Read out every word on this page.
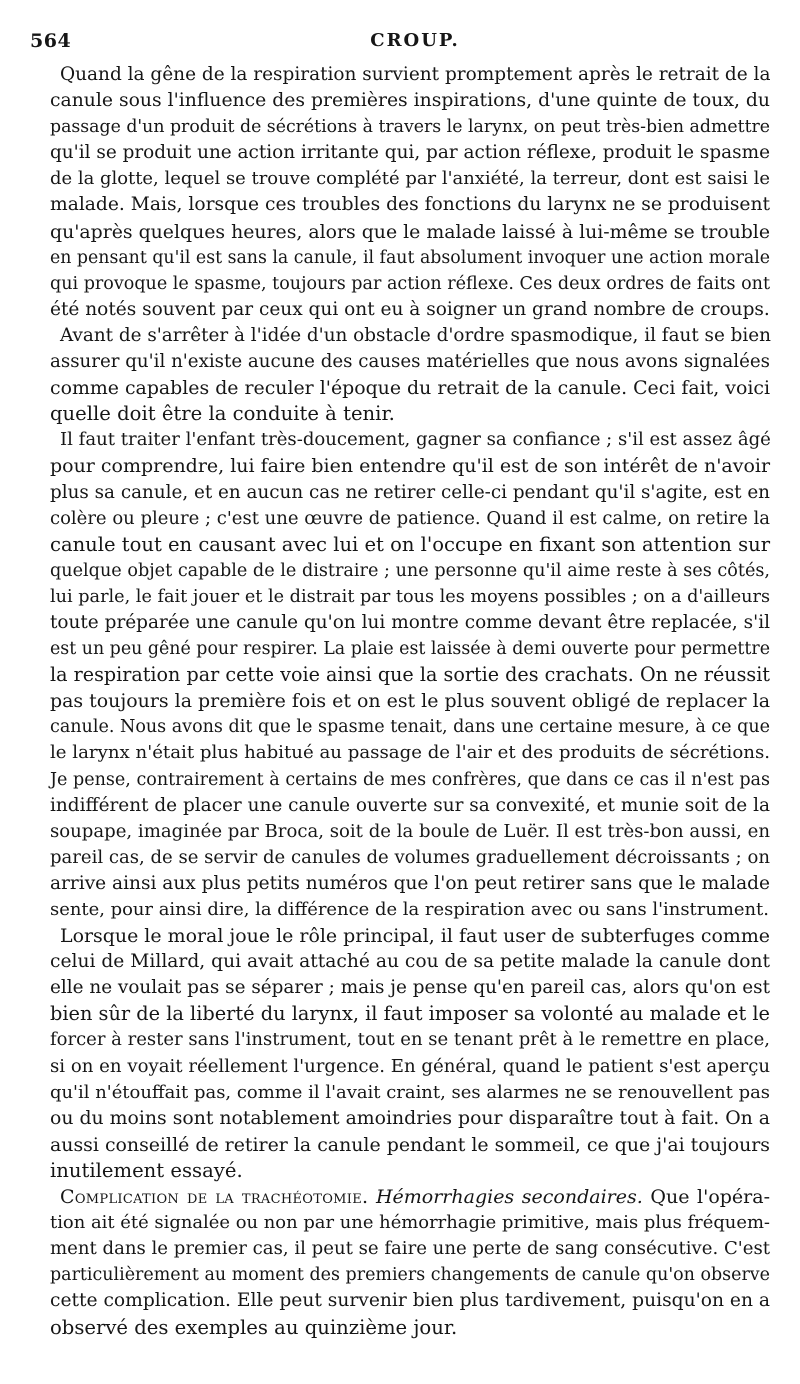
564	CROUP.
Quand la gêne de la respiration survient promptement après le retrait de la
canule sous l'influence des premières inspirations, d'une quinte de toux, du
passage d'un produit de sécrétions à travers le larynx, on peut très-bien admettre
qu'il se produit une action irritante qui, par action réflexe, produit le spasme
de la glotte, lequel se trouve complété par l'anxiété, la terreur, dont est saisi le
malade. Mais, lorsque ces troubles des fonctions du larynx ne se produisent
qu'après quelques heures, alors que le malade laissé à lui-même se trouble
en pensant qu'il est sans la canule, il faut absolument invoquer une action morale
qui provoque le spasme, toujours par action réflexe. Ces deux ordres de faits ont
été notés souvent par ceux qui ont eu à soigner un grand nombre de croups.
Avant de s'arrêter à l'idée d'un obstacle d'ordre spasmodique, il faut se bien
assurer qu'il n'existe aucune des causes matérielles que nous avons signalées
comme capables de reculer l'époque du retrait de la canule. Ceci fait, voici
quelle doit être la conduite à tenir.
Il faut traiter l'enfant très-doucement, gagner sa confiance ; s'il est assez âgé
pour comprendre, lui faire bien entendre qu'il est de son intérêt de n'avoir
plus sa canule, et en aucun cas ne retirer celle-ci pendant qu'il s'agite, est en
colère ou pleure ; c'est une œuvre de patience. Quand il est calme, on retire la
canule tout en causant avec lui et on l'occupe en fixant son attention sur
quelque objet capable de le distraire ; une personne qu'il aime reste à ses côtés,
lui parle, le fait jouer et le distrait par tous les moyens possibles ; on a d'ailleurs
toute préparée une canule qu'on lui montre comme devant être replacée, s'il
est un peu gêné pour respirer. La plaie est laissée à demi ouverte pour permettre
la respiration par cette voie ainsi que la sortie des crachats. On ne réussit
pas toujours la première fois et on est le plus souvent obligé de replacer la
canule. Nous avons dit que le spasme tenait, dans une certaine mesure, à ce que
le larynx n'était plus habitué au passage de l'air et des produits de sécrétions.
Je pense, contrairement à certains de mes confrères, que dans ce cas il n'est pas
indifférent de placer une canule ouverte sur sa convexité, et munie soit de la
soupape, imaginée par Broca, soit de la boule de Luër. Il est très-bon aussi, en
pareil cas, de se servir de canules de volumes graduellement décroissants ; on
arrive ainsi aux plus petits numéros que l'on peut retirer sans que le malade
sente, pour ainsi dire, la différence de la respiration avec ou sans l'instrument.
Lorsque le moral joue le rôle principal, il faut user de subterfuges comme
celui de Millard, qui avait attaché au cou de sa petite malade la canule dont
elle ne voulait pas se séparer ; mais je pense qu'en pareil cas, alors qu'on est
bien sûr de la liberté du larynx, il faut imposer sa volonté au malade et le
forcer à rester sans l'instrument, tout en se tenant prêt à le remettre en place,
si on en voyait réellement l'urgence. En général, quand le patient s'est aperçu
qu'il n'étouffait pas, comme il l'avait craint, ses alarmes ne se renouvellent pas
ou du moins sont notablement amoindries pour disparaître tout à fait. On a
aussi conseillé de retirer la canule pendant le sommeil, ce que j'ai toujours
inutilement essayé.
Complication de la trachéotomie. Hémorrhagies secondaires. Que l'opéra-
tion ait été signalée ou non par une hémorrhagie primitive, mais plus fréquem-
ment dans le premier cas, il peut se faire une perte de sang consécutive. C'est
particulièrement au moment des premiers changements de canule qu'on observe
cette complication. Elle peut survenir bien plus tardivement, puisqu'on en a
observé des exemples au quinzième jour.
